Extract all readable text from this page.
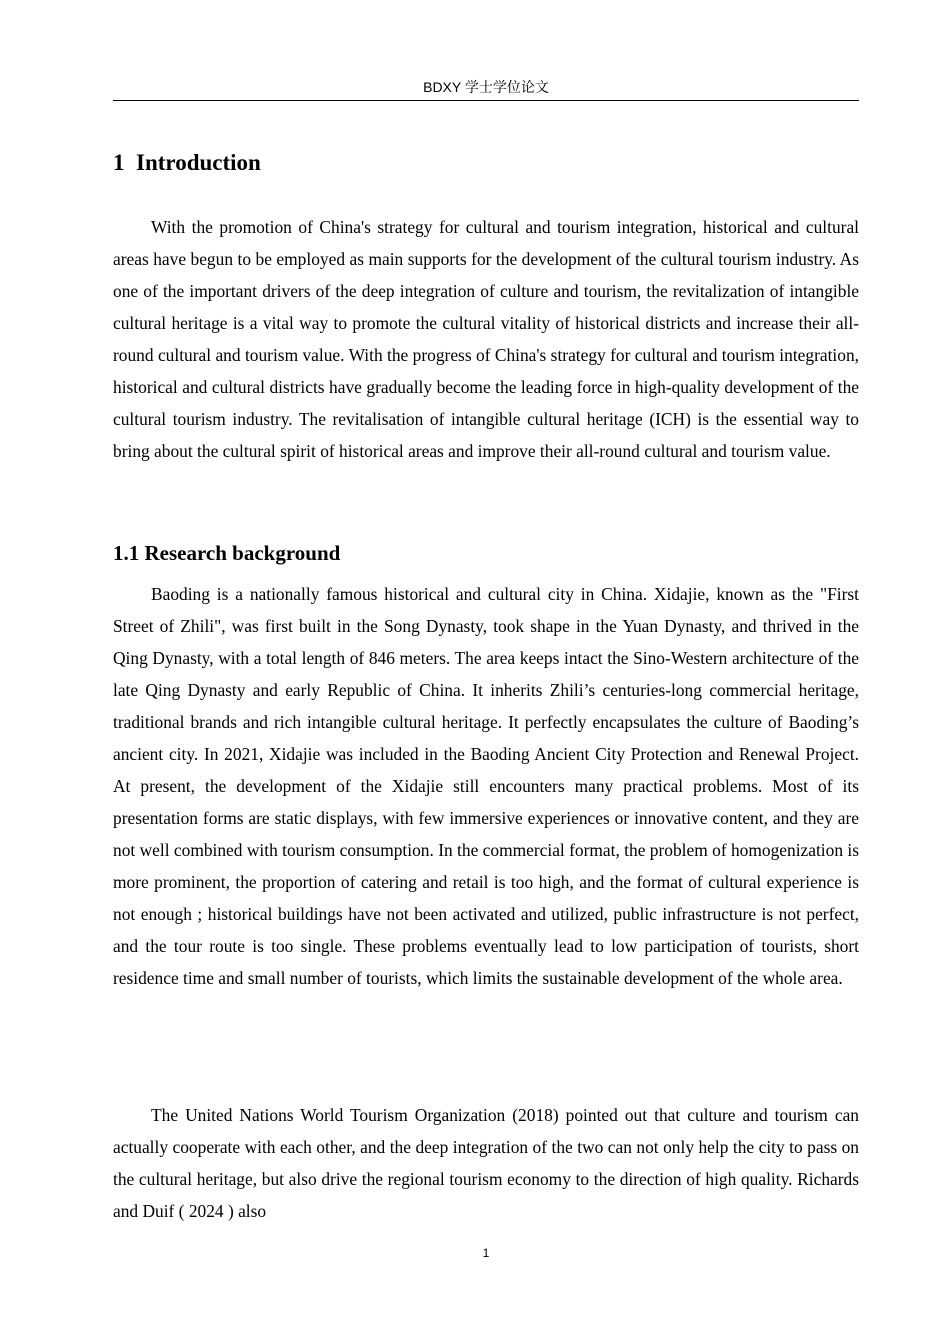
BDXY 学士学位论文
1  Introduction

With the promotion of China's strategy for cultural and tourism integration, historical and cultural areas have begun to be employed as main supports for the development of the cultural tourism industry. As one of the important drivers of the deep integration of culture and tourism, the revitalization of intangible cultural heritage is a vital way to promote the cultural vitality of historical districts and increase their all-round cultural and tourism value. With the progress of China's strategy for cultural and tourism integration, historical and cultural districts have gradually become the leading force in high-quality development of the cultural tourism industry. The revitalisation of intangible cultural heritage (ICH) is the essential way to bring about the cultural spirit of historical areas and improve their all-round cultural and tourism value.

1.1 Research background

Baoding is a nationally famous historical and cultural city in China. Xidajie, known as the "First Street of Zhili", was first built in the Song Dynasty, took shape in the Yuan Dynasty, and thrived in the Qing Dynasty, with a total length of 846 meters. The area keeps intact the Sino-Western architecture of the late Qing Dynasty and early Republic of China. It inherits Zhili’s centuries-long commercial heritage, traditional brands and rich intangible cultural heritage. It perfectly encapsulates the culture of Baoding’s ancient city. In 2021, Xidajie was included in the Baoding Ancient City Protection and Renewal Project. At present, the development of the Xidajie still encounters many practical problems. Most of its presentation forms are static displays, with few immersive experiences or innovative content, and they are not well combined with tourism consumption. In the commercial format, the problem of homogenization is more prominent, the proportion of catering and retail is too high, and the format of cultural experience is not enough ; historical buildings have not been activated and utilized, public infrastructure is not perfect, and the tour route is too single. These problems eventually lead to low participation of tourists, short residence time and small number of tourists, which limits the sustainable development of the whole area.

The United Nations World Tourism Organization (2018) pointed out that culture and tourism can actually cooperate with each other, and the deep integration of the two can not only help the city to pass on the cultural heritage, but also drive the regional tourism economy to the direction of high quality. Richards and Duif ( 2024 ) also

1
